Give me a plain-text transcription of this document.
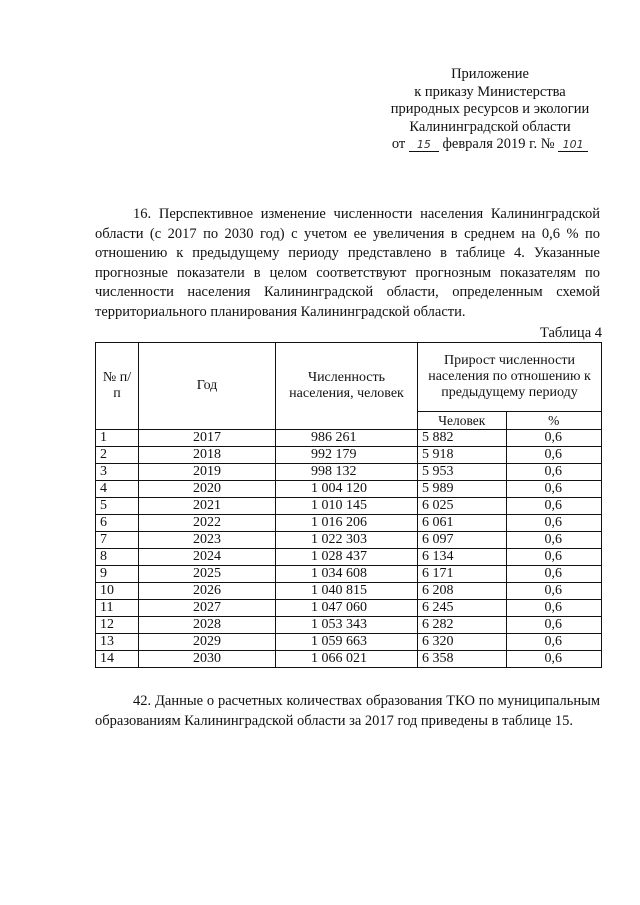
Приложение
к приказу Министерства
природных ресурсов и экологии
Калининградской области
от 15 февраля 2019 г. № 101

16. Перспективное изменение численности населения Калининградской области (с 2017 по 2030 год) с учетом ее увеличения в среднем на 0,6 % по отношению к предыдущему периоду представлено в таблице 4. Указанные прогнозные показатели в целом соответствуют прогнозным показателям по численности населения Калининградской области, определенным схемой территориального планирования Калининградской области.

Таблица 4
№ п/п	Год	Численность населения, человек	Прирост численности населения по отношению к предыдущему периоду	
			Человек	%
1	2017	986 261	5 882	0,6
2	2018	992 179	5 918	0,6
3	2019	998 132	5 953	0,6
4	2020	1 004 120	5 989	0,6
5	2021	1 010 145	6 025	0,6
6	2022	1 016 206	6 061	0,6
7	2023	1 022 303	6 097	0,6
8	2024	1 028 437	6 134	0,6
9	2025	1 034 608	6 171	0,6
10	2026	1 040 815	6 208	0,6
11	2027	1 047 060	6 245	0,6
12	2028	1 053 343	6 282	0,6
13	2029	1 059 663	6 320	0,6
14	2030	1 066 021	6 358	0,6

42. Данные о расчетных количествах образования ТКО по муниципальным образованиям Калининградской области за 2017 год приведены в таблице 15.
